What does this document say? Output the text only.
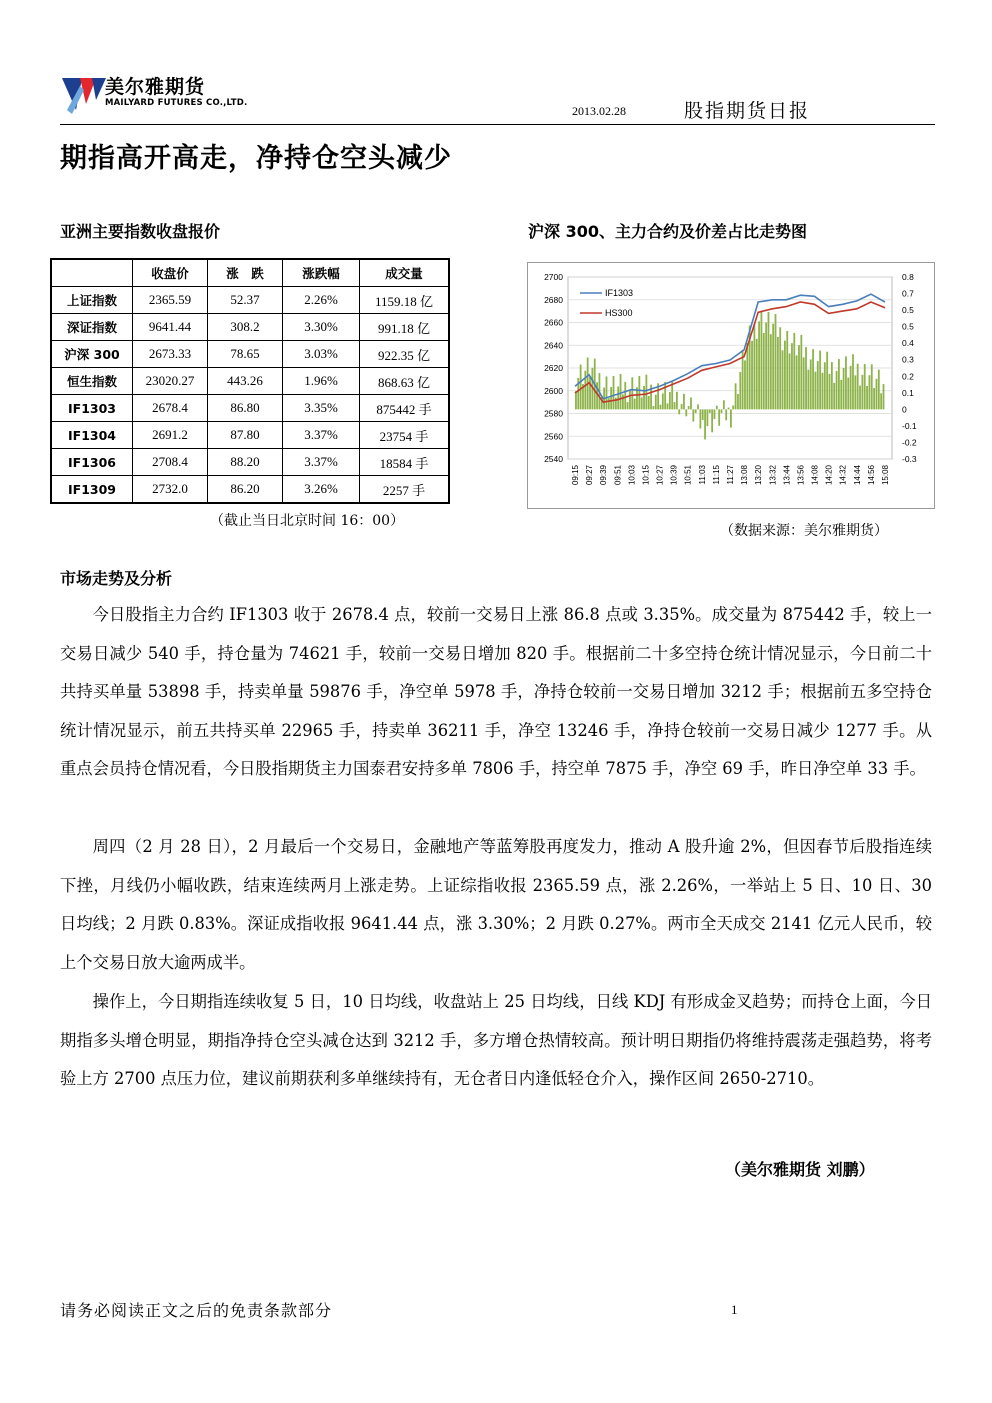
美尔雅期货
MAILYARD FUTURES CO.,LTD.
2013.02.28	股指期货日报
期指高开高走，净持仓空头减少
亚洲主要指数收盘报价
	收盘价	涨　跌	涨跌幅	成交量
上证指数	2365.59	52.37	2.26%	1159.18 亿
深证指数	9641.44	308.2	3.30%	991.18 亿
沪深 300	2673.33	78.65	3.03%	922.35 亿
恒生指数	23020.27	443.26	1.96%	868.63 亿
IF1303	2678.4	86.80	3.35%	875442 手
IF1304	2691.2	87.80	3.37%	23754 手
IF1306	2708.4	88.20	3.37%	18584 手
IF1309	2732.0	86.20	3.26%	2257 手
（截止当日北京时间 16：00）
沪深 300、主力合约及价差占比走势图
2540
2560
2580
2600
2620
2640
2660
2680
2700
-0.3
-0.2
-0.1
0
0.1
0.2
0.3
0.4
0.5
0.5
0.7
0.8
IF1303
HS300
09:15 09:27 09:39 09:51 10:03 10:15 10:27 10:39 10:51 11:03 11:15 11:27 13:08 13:20 13:32 13:44 13:56 14:08 14:20 14:32 14:44 14:56 15:08
（数据来源：美尔雅期货）
市场走势及分析

今日股指主力合约 IF1303 收于 2678.4 点，较前一交易日上涨 86.8 点或 3.35%。成交量为 875442 手，较上一交易日减少 540 手，持仓量为 74621 手，较前一交易日增加 820 手。根据前二十多空持仓统计情况显示，今日前二十共持买单量 53898 手，持卖单量 59876 手，净空单 5978 手，净持仓较前一交易日增加 3212 手；根据前五多空持仓统计情况显示，前五共持买单 22965 手，持卖单 36211 手，净空 13246 手，净持仓较前一交易日减少 1277 手。从重点会员持仓情况看，今日股指期货主力国泰君安持多单 7806 手，持空单 7875 手，净空 69 手，昨日净空单 33 手。

周四（2 月 28 日），2 月最后一个交易日，金融地产等蓝筹股再度发力，推动 A 股升逾 2%，但因春节后股指连续下挫，月线仍小幅收跌，结束连续两月上涨走势。上证综指收报 2365.59 点，涨 2.26%，一举站上 5 日、10 日、30 日均线；2 月跌 0.83%。深证成指收报 9641.44 点，涨 3.30%；2 月跌 0.27%。两市全天成交 2141 亿元人民币，较上个交易日放大逾两成半。

操作上，今日期指连续收复 5 日，10 日均线，收盘站上 25 日均线，日线 KDJ 有形成金叉趋势；而持仓上面，今日期指多头增仓明显，期指净持仓空头减仓达到 3212 手，多方增仓热情较高。预计明日期指仍将维持震荡走强趋势，将考验上方 2700 点压力位，建议前期获利多单继续持有，无仓者日内逢低轻仓介入，操作区间 2650-2710。

（美尔雅期货 刘鹏）
请务必阅读正文之后的免责条款部分	1
